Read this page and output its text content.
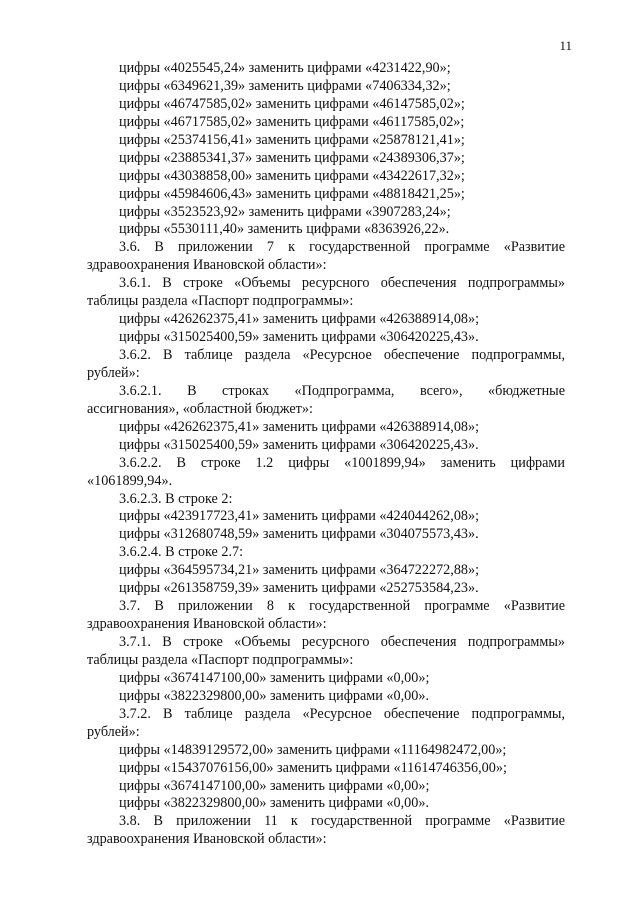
11
цифры «4025545,24» заменить цифрами «4231422,90»;
цифры «6349621,39» заменить цифрами «7406334,32»;
цифры «46747585,02» заменить цифрами «46147585,02»;
цифры «46717585,02» заменить цифрами «46117585,02»;
цифры «25374156,41» заменить цифрами «25878121,41»;
цифры «23885341,37» заменить цифрами «24389306,37»;
цифры «43038858,00» заменить цифрами «43422617,32»;
цифры «45984606,43» заменить цифрами «48818421,25»;
цифры «3523523,92» заменить цифрами «3907283,24»;
цифры «5530111,40» заменить цифрами «8363926,22».
3.6. В приложении 7 к государственной программе «Развитие
здравоохранения Ивановской области»:
3.6.1. В строке «Объемы ресурсного обеспечения подпрограммы»
таблицы раздела «Паспорт подпрограммы»:
цифры «426262375,41» заменить цифрами «426388914,08»;
цифры «315025400,59» заменить цифрами «306420225,43».
3.6.2. В таблице раздела «Ресурсное обеспечение подпрограммы,
рублей»:
3.6.2.1. В строках «Подпрограмма, всего», «бюджетные
ассигнования», «областной бюджет»:
цифры «426262375,41» заменить цифрами «426388914,08»;
цифры «315025400,59» заменить цифрами «306420225,43».
3.6.2.2. В строке 1.2 цифры «1001899,94» заменить цифрами
«1061899,94».
3.6.2.3. В строке 2:
цифры «423917723,41» заменить цифрами «424044262,08»;
цифры «312680748,59» заменить цифрами «304075573,43».
3.6.2.4. В строке 2.7:
цифры «364595734,21» заменить цифрами «364722272,88»;
цифры «261358759,39» заменить цифрами «252753584,23».
3.7. В приложении 8 к государственной программе «Развитие
здравоохранения Ивановской области»:
3.7.1. В строке «Объемы ресурсного обеспечения подпрограммы»
таблицы раздела «Паспорт подпрограммы»:
цифры «3674147100,00» заменить цифрами «0,00»;
цифры «3822329800,00» заменить цифрами «0,00».
3.7.2. В таблице раздела «Ресурсное обеспечение подпрограммы,
рублей»:
цифры «14839129572,00» заменить цифрами «11164982472,00»;
цифры «15437076156,00» заменить цифрами «11614746356,00»;
цифры «3674147100,00» заменить цифрами «0,00»;
цифры «3822329800,00» заменить цифрами «0,00».
3.8. В приложении 11 к государственной программе «Развитие
здравоохранения Ивановской области»:
